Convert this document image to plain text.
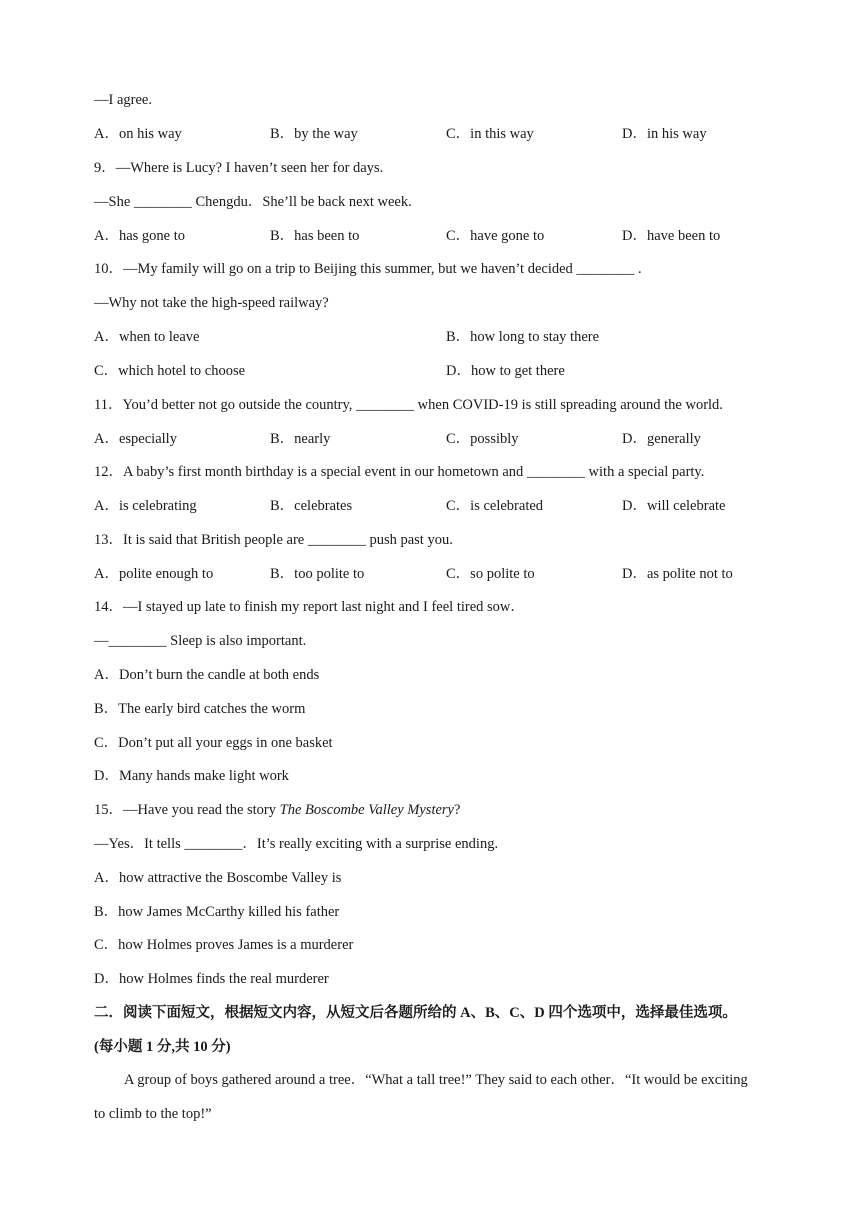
—I agree.
A．on his way	B．by the way	C．in this way	D．in his way
9．—Where is Lucy? I haven’t seen her for days.
—She ________ Chengdu．She’ll be back next week.
A．has gone to	B．has been to	C．have gone to	D．have been to
10．—My family will go on a trip to Beijing this summer, but we haven’t decided ________ .
—Why not take the high-speed railway?
A．when to leave	B．how long to stay there
C．which hotel to choose	D．how to get there
11．You’d better not go outside the country, ________ when COVID-19 is still spreading around the world.
A．especially	B．nearly	C．possibly	D．generally
12．A baby’s first month birthday is a special event in our hometown and ________ with a special party.
A．is celebrating	B．celebrates	C．is celebrated	D．will celebrate
13．It is said that British people are ________ push past you.
A．polite enough to	B．too polite to	C．so polite to	D．as polite not to
14．—I stayed up late to finish my report last night and I feel tired sow．
—________ Sleep is also important.
A．Don’t burn the candle at both ends
B．The early bird catches the worm
C．Don’t put all your eggs in one basket
D．Many hands make light work
15．—Have you read the story The Boscombe Valley Mystery?
—Yes．It tells ________．It’s really exciting with a surprise ending.
A．how attractive the Boscombe Valley is
B．how James McCarthy killed his father
C．how Holmes proves James is a murderer
D．how Holmes finds the real murderer
二．阅读下面短文，根据短文内容，从短文后各题所给的 A、B、C、D 四个选项中，选择最佳选项。
(每小题 1 分,共 10 分)
A group of boys gathered around a tree．“What a tall tree!” They said to each other．“It would be exciting
to climb to the top!”
